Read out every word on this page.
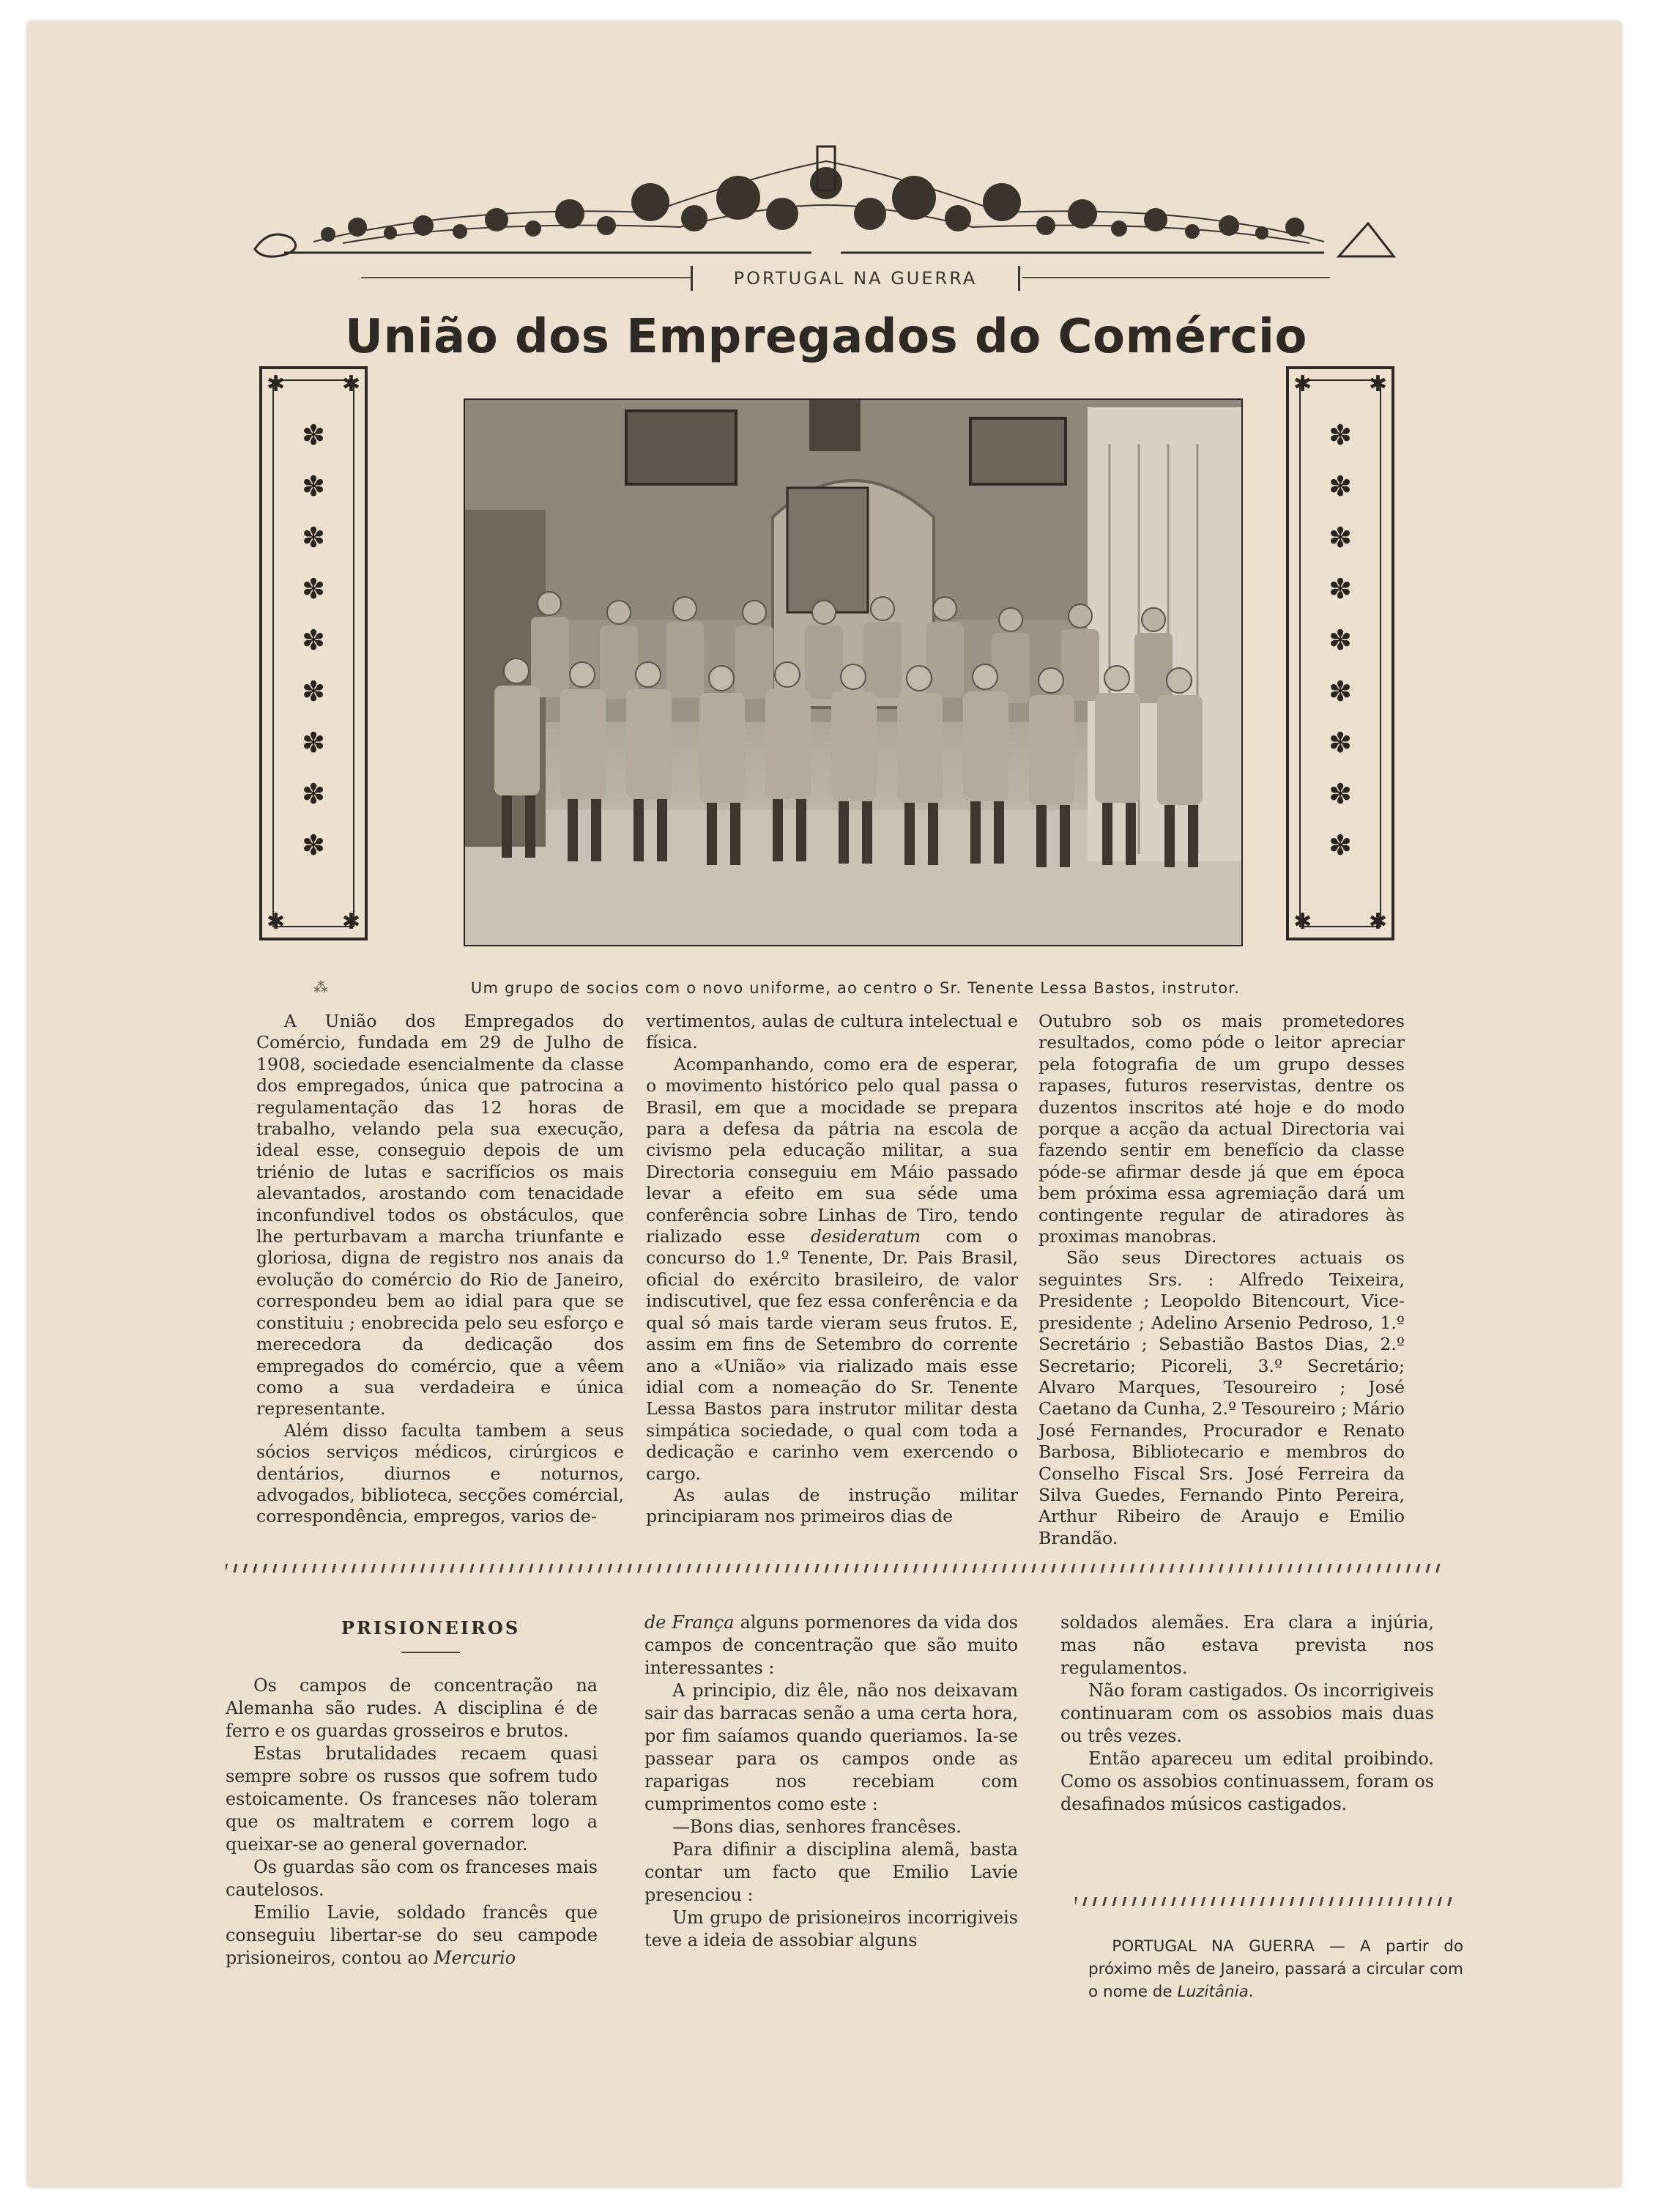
PORTUGAL NA GUERRA
União dos Empregados do Comércio
✱	✱
✱	✱
✽
✽
✽
✽
✽
✽
✽
✽
✽
✱	✱
✱	✱
✽
✽
✽
✽
✽
✽
✽
✽
✽
⁂	Um grupo de socios com o novo uniforme, ao centro o Sr. Tenente Lessa Bastos, instrutor.

A União dos Empregados do Comércio, fundada em 29 de Julho de 1908, sociedade esencialmente da classe dos empregados, única que patrocina a regulamentação das 12 horas de trabalho, velando pela sua execução, ideal esse, conseguio depois de um triénio de lutas e sacrifícios os mais alevantados, arostando com tenacidade inconfundivel todos os obstáculos, que lhe perturbavam a marcha triunfante e gloriosa, digna de registro nos anais da evolução do comércio do Rio de Janeiro, correspondeu bem ao idial para que se constituiu ; enobrecida pelo seu esforço e merecedora da dedicação dos empregados do comércio, que a vêem como a sua verdadeira e única representante.

Além disso faculta tambem a seus sócios serviços médicos, cirúrgicos e dentários, diurnos e noturnos, advogados, biblioteca, secções comércial, correspondência, empregos, varios de-

vertimentos, aulas de cultura intelectual e física.

Acompanhando, como era de esperar, o movimento histórico pelo qual passa o Brasil, em que a mocidade se prepara para a defesa da pátria na escola de civismo pela educação militar, a sua Directoria conseguiu em Máio passado levar a efeito em sua séde uma conferência sobre Linhas de Tiro, tendo rializado esse desideratum com o concurso do 1.º Tenente, Dr. Pais Brasil, oficial do exército brasileiro, de valor indiscutivel, que fez essa conferência e da qual só mais tarde vieram seus frutos. E, assim em fins de Setembro do corrente ano a «União» via rializado mais esse idial com a nomeação do Sr. Tenente Lessa Bastos para instrutor militar desta simpática sociedade, o qual com toda a dedicação e carinho vem exercendo o cargo.

As aulas de instrução militar principiaram nos primeiros dias de

Outubro sob os mais prometedores resultados, como póde o leitor apreciar pela fotografia de um grupo desses rapases, futuros reservistas, dentre os duzentos inscritos até hoje e do modo porque a acção da actual Directoria vai fazendo sentir em benefício da classe póde-se afirmar desde já que em época bem próxima essa agremiação dará um contingente regular de atiradores às proximas manobras.

São seus Directores actuais os seguintes Srs. : Alfredo Teixeira, Presidente ; Leopoldo Bitencourt, Vice-presidente ; Adelino Arsenio Pedroso, 1.º Secretário ; Sebastião Bastos Dias, 2.º Secretario; Picoreli, 3.º Secretário; Alvaro Marques, Tesoureiro ; José Caetano da Cunha, 2.º Tesoureiro ; Mário José Fernandes, Procurador e Renato Barbosa, Bibliotecario e membros do Conselho Fiscal Srs. José Ferreira da Silva Guedes, Fernando Pinto Pereira, Arthur Ribeiro de Araujo e Emilio Brandão.

PRISIONEIROS

Os campos de concentração na Alemanha são rudes. A disciplina é de ferro e os guardas grosseiros e brutos.

Estas brutalidades recaem quasi sempre sobre os russos que sofrem tudo estoicamente. Os franceses não toleram que os maltratem e correm logo a queixar-se ao general governador.

Os guardas são com os franceses mais cautelosos.

Emilio Lavie, soldado francês que conseguiu libertar-se do seu campode prisioneiros, contou ao Mercurio

de França alguns pormenores da vida dos campos de concentração que são muito interessantes :

A principio, diz êle, não nos deixavam sair das barracas senão a uma certa hora, por fim saíamos quando queriamos. Ia-se passear para os campos onde as raparigas nos recebiam com cumprimentos como este :

—Bons dias, senhores francêses.

Para difinir a disciplina alemã, basta contar um facto que Emilio Lavie presenciou :

Um grupo de prisioneiros incorrigiveis teve a ideia de assobiar alguns

soldados alemães. Era clara a injúria, mas não estava prevista nos regulamentos.

Não foram castigados. Os incorrigiveis continuaram com os assobios mais duas ou três vezes.

Então apareceu um edital proibindo. Como os assobios continuassem, foram os desafinados músicos castigados.

PORTUGAL NA GUERRA — A partir do próximo mês de Janeiro, passará a circular com o nome de Luzitânia.
